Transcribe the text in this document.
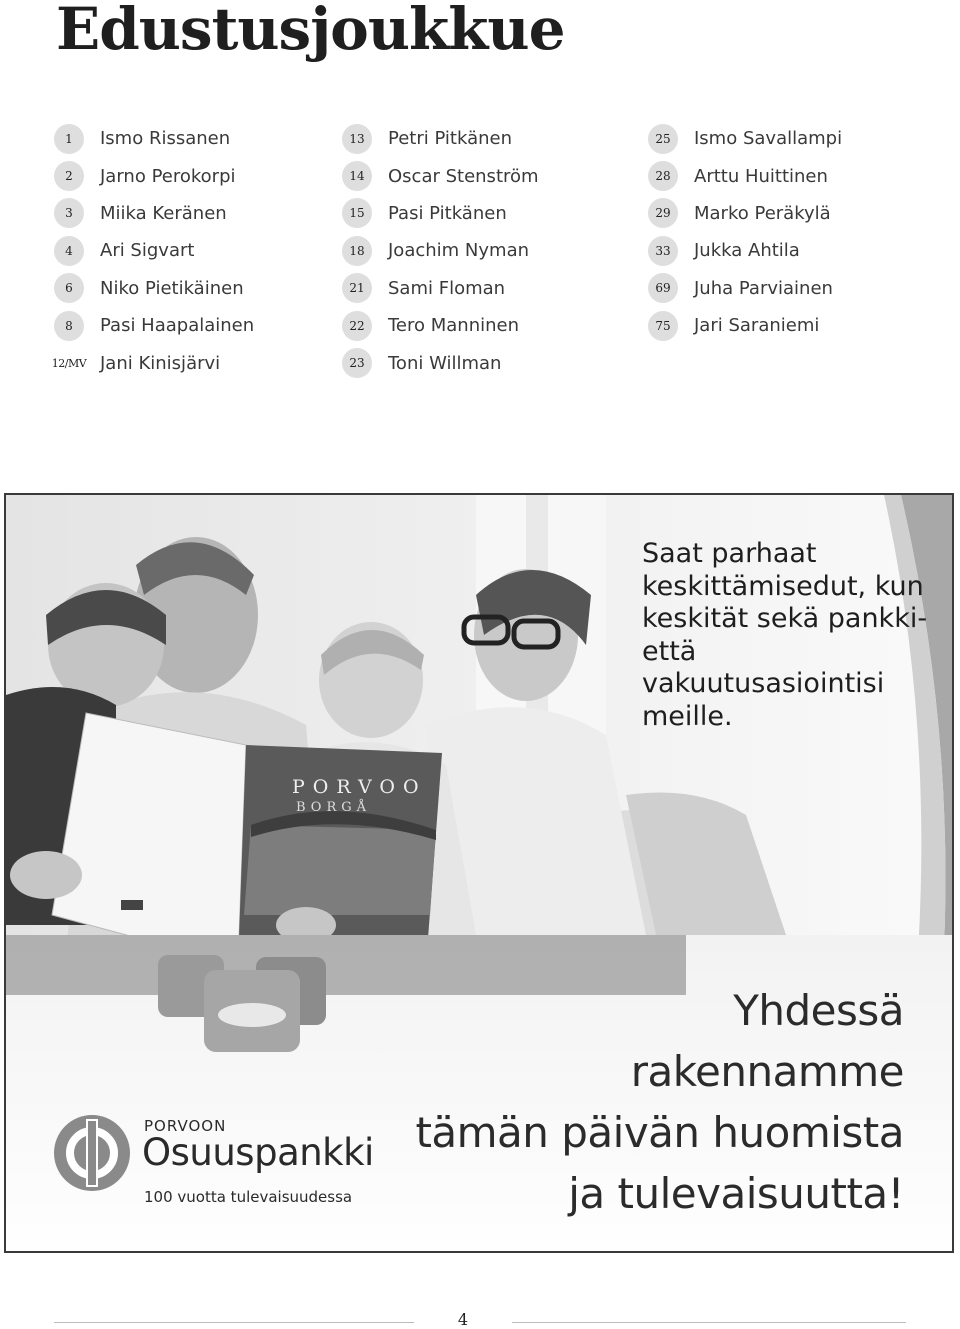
Edustusjoukkue
1	Ismo Rissanen
2	Jarno Perokorpi
3	Miika Keränen
4	Ari Sigvart
6	Niko Pietikäinen
8	Pasi Haapalainen
12/MV Jani Kinisjärvi
13	Petri Pitkänen
14	Oscar Stenström
15	Pasi Pitkänen
18	Joachim Nyman
21	Sami Floman
22	Tero Manninen
23	Toni Willman
25	Ismo Savallampi
28	Arttu Huittinen
29	Marko Peräkylä
33	Jukka Ahtila
69	Juha Parviainen
75	Jari Saraniemi
PORVOO
BORGÅ

Saat parhaat keskittämisedut, kun keskität sekä pankki- että vakuutusasiointisi meille.

Yhdessä
rakennamme
tämän päivän huomista
ja tulevaisuutta!
PORVOON
Osuuspankki
100 vuotta tulevaisuudessa
4
